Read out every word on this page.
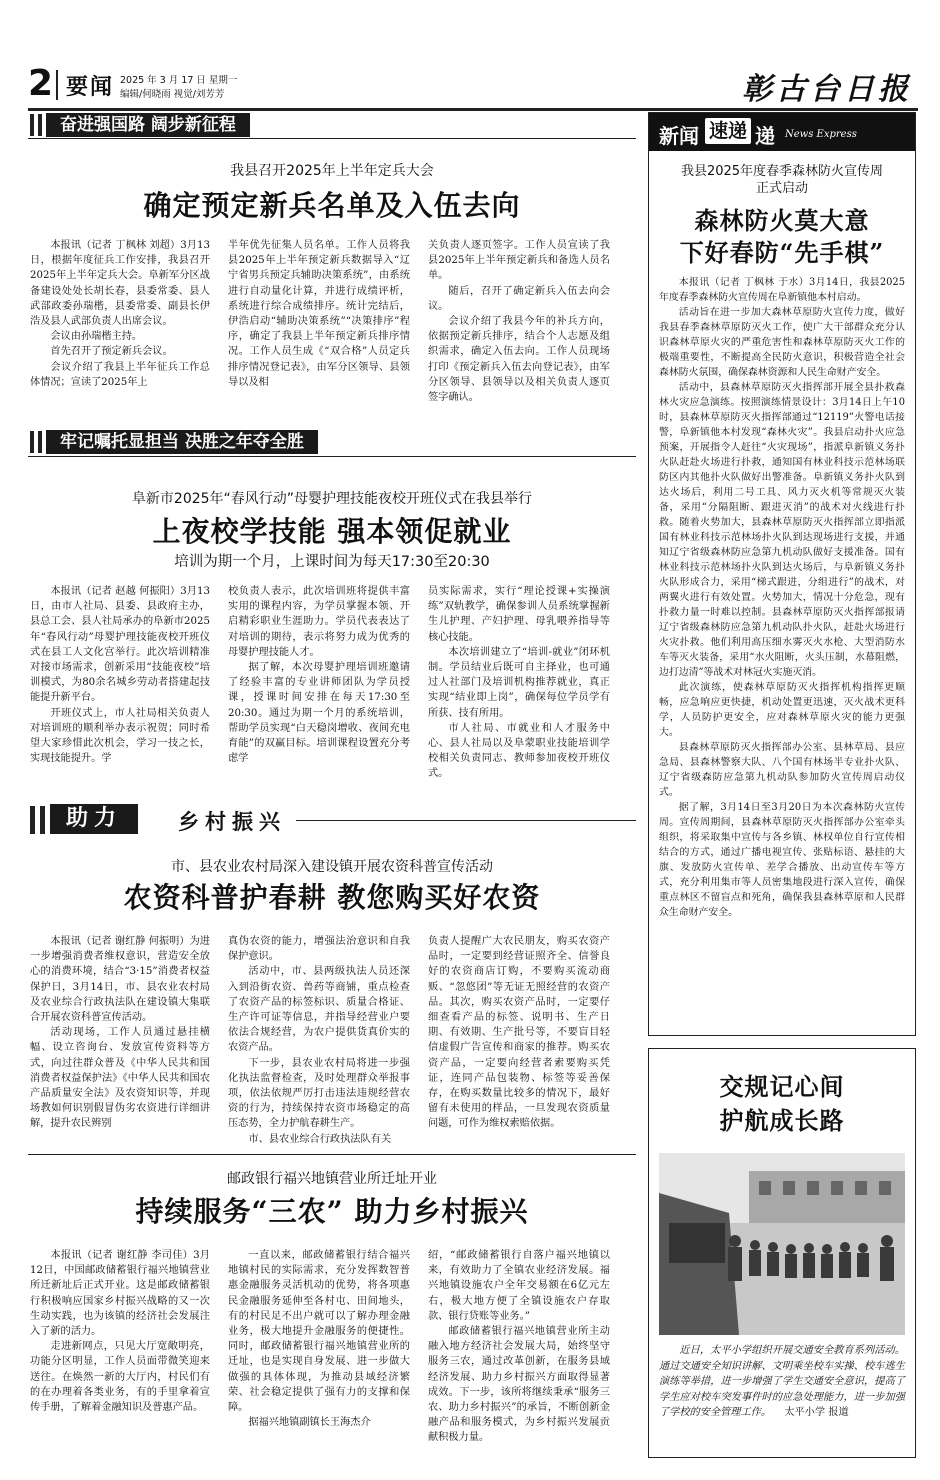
2 要闻 2025 年 3 月 17 日 星期一
编辑/何晓雨 视觉/刘芳芳	彰古台日报
奋进强国路 阔步新征程
我县召开2025年上半年定兵大会
确定预定新兵名单及入伍去向

本报讯（记者 丁枫林 刘超）3月13日，根据年度征兵工作安排，我县召开2025年上半年定兵大会。阜新军分区战备建设处处长胡长春，县委常委、县人武部政委孙瑞楷，县委常委、副县长伊浩及县人武部负责人出席会议。

会议由孙瑞楷主持。

首先召开了预定新兵会议。

会议介绍了我县上半年征兵工作总体情况；宣读了2025年上

半年优先征集人员名单。工作人员将我县2025年上半年预定新兵数据导入“辽宁省男兵预定兵辅助决策系统”，由系统进行自动量化计算，并进行成绩评析，系统进行综合成绩排序。统计完结后，伊浩启动“辅助决策系统”“决策排序”程序，确定了我县上半年预定新兵排序情况。工作人员生成《“双合格”人员定兵排序情况登记表》，由军分区领导、县领导以及相

关负责人逐页签字。工作人员宣读了我县2025年上半年预定新兵和备选人员名单。

随后，召开了确定新兵入伍去向会议。

会议介绍了我县今年的补兵方向，依据预定新兵排序，结合个人志愿及组织需求，确定入伍去向。工作人员现场打印《预定新兵入伍去向登记表》，由军分区领导、县领导以及相关负责人逐页签字确认。

牢记嘱托显担当 决胜之年夺全胜
阜新市2025年“春风行动”母婴护理技能夜校开班仪式在我县举行
上夜校学技能 强本领促就业
培训为期一个月，上课时间为每天17:30至20:30

本报讯（记者 赵越 何振阳）3月13日，由市人社局、县委、县政府主办，县总工会、县人社局承办的阜新市2025年“春风行动”母婴护理技能夜校开班仪式在县工人文化宫举行。此次培训精准对接市场需求，创新采用“技能夜校”培训模式，为80余名城乡劳动者搭建起技能提升新平台。

开班仪式上，市人社局相关负责人对培训班的顺利举办表示祝贺；同时希望大家珍惜此次机会，学习一技之长，实现技能提升。学

校负责人表示，此次培训班将提供丰富实用的课程内容，为学员掌握本领、开启精彩职业生涯助力。学员代表表达了对培训的期待，表示将努力成为优秀的母婴护理技能人才。

据了解，本次母婴护理培训班邀请了经验丰富的专业讲师团队为学员授课，授课时间安排在每天17:30至20:30。通过为期一个月的系统培训，帮助学员实现“白天稳岗增收、夜间充电育能”的双赢目标。培训课程设置充分考虑学

员实际需求，实行“理论授课+实操演练”双轨教学，确保参训人员系统掌握新生儿护理、产妇护理、母乳喂养指导等核心技能。

本次培训建立了“培训-就业”闭环机制。学员结业后既可自主择业，也可通过人社部门及培训机构推荐就业，真正实现“结业即上岗”，确保每位学员学有所获、技有所用。

市人社局、市就业和人才服务中心、县人社局以及阜蒙职业技能培训学校相关负责同志、教师参加夜校开班仪式。

助力	乡村振兴
市、县农业农村局深入建设镇开展农资科普宣传活动
农资科普护春耕 教您购买好农资

本报讯（记者 谢红静 何振明）为进一步增强消费者维权意识，营造安全放心的消费环境，结合“3·15”消费者权益保护日，3月14日，市、县农业农村局及农业综合行政执法队在建设镇大集联合开展农资科普宣传活动。

活动现场，工作人员通过悬挂横幅、设立咨询台、发放宣传资料等方式，向过往群众普及《中华人民共和国消费者权益保护法》《中华人民共和国农产品质量安全法》及农资知识等，并现场教如何识别假冒伪劣农资进行详细讲解，提升农民辨别

真伪农资的能力，增强法治意识和自我保护意识。

活动中，市、县两级执法人员还深入到沿街农资、兽药等商铺，重点检查了农资产品的标签标识、质量合格证、生产许可证等信息，并指导经营业户要依法合规经营，为农户提供货真价实的农资产品。

下一步，县农业农村局将进一步强化执法监督检查，及时处理群众举报事项，依法依规严厉打击违法违规经营农资的行为，持续保持农资市场稳定的高压态势，全力护航春耕生产。

市、县农业综合行政执法队有关

负责人提醒广大农民朋友，购买农资产品时，一定要到经营证照齐全、信誉良好的农资商店订购，不要购买流动商贩、“忽悠团”等无证无照经营的农资产品。其次，购买农资产品时，一定要仔细查看产品的标签、说明书、生产日期、有效期、生产批号等，不要盲目轻信虚假广告宣传和商家的推荐。购买农资产品，一定要向经营者索要购买凭证，连同产品包装物、标签等妥善保存，在购买数量比较多的情况下，最好留有未使用的样品，一旦发现农资质量问题，可作为维权索赔依据。

邮政银行福兴地镇营业所迁址开业
持续服务“三农” 助力乡村振兴

本报讯（记者 谢红静 李司佳）3月12日，中国邮政储蓄银行福兴地镇营业所迁新址后正式开业。这是邮政储蓄银行积极响应国家乡村振兴战略的又一次生动实践，也为该镇的经济社会发展注入了新的活力。

走进新网点，只见大厅宽敞明亮，功能分区明显，工作人员面带微笑迎来送往。在焕然一新的大厅内，村民们有的在办理着各类业务，有的手里拿着宣传手册，了解着金融知识及普惠产品。

一直以来，邮政储蓄银行结合福兴地镇村民的实际需求，充分发挥数智普惠金融服务灵活机动的优势，将各项惠民金融服务延伸至各村屯、田间地头，有的村民足不出户就可以了解办理金融业务，极大地提升金融服务的便捷性。同时，邮政储蓄银行福兴地镇营业所的迁址，也是实现自身发展、进一步做大做强的具体体现，为推动县域经济繁荣、社会稳定提供了强有力的支撑和保障。

据福兴地镇副镇长王海杰介

绍，“邮政储蓄银行自落户福兴地镇以来，有效助力了全镇农业经济发展。福兴地镇设施农户全年交易额在6亿元左右，极大地方便了全镇设施农户存取款、银行贷账等业务。”

邮政储蓄银行福兴地镇营业所主动融入地方经济社会发展大局，始终坚守服务三农，通过改革创新，在服务县域经济发展、助力乡村振兴方面取得显著成效。下一步，该所将继续秉承“服务三农、助力乡村振兴”的承旨，不断创新金融产品和服务模式，为乡村振兴发展贡献积极力量。

新闻 速递 递 News Express
我县2025年度春季森林防火宣传周正式启动
森林防火莫大意
下好春防“先手棋”

本报讯（记者 丁枫林 于水）3月14日，我县2025年度春季森林防火宣传周在阜新镇他本村启动。

活动旨在进一步加大森林草原防火宣传力度，做好我县春季森林草原防灭火工作，使广大干部群众充分认识森林草原火灾的严重危害性和森林草原防灭火工作的极端重要性，不断提高全民防火意识，积极营造全社会森林防火氛围，确保森林资源和人民生命财产安全。

活动中，县森林草原防灭火指挥部开展全县扑救森林火灾应急演练。按照演练情景设计：3月14日上午10时，县森林草原防灭火指挥部通过“12119”火警电话接警，阜新镇他本村发现“森林火灾”。我县启动扑火应急预案，开展指令人赶往“火灾现场”，指派阜新镇义务扑火队赶赴火场进行扑救，通知国有林业科技示范林场联防区内其他扑火队做好出警准备。阜新镇义务扑火队到达火场后，利用二号工具、风力灭火机等常规灭火装备，采用“分隔阻断、跟进灭消”的战术对火线进行扑救。随着火势加大，县森林草原防灭火指挥部立即指派国有林业科技示范林场扑火队到达现场进行支援，并通知辽宁省级森林防应急第九机动队做好支援准备。国有林业科技示范林场扑火队到达火场后，与阜新镇义务扑火队形成合力，采用“梯式跟进，分组进行”的战术，对两翼火进行有效处置。火势加大，情况十分危急，现有扑救力量一时难以控制。县森林草原防灭火指挥部报请辽宁省级森林防应急第九机动队扑火队，赶赴火场进行火灾扑救。他们利用高压细水雾灭火水枪、大型消防水车等灭火装备，采用“水火阻断，火头压制，水幕阻燃，边打边清”等战术对林冠火实施灭消。

此次演练，使森林草原防灭火指挥机构指挥更顺畅，应急响应更快捷，机动处置更迅速，灭火战术更科学，人员防护更安全，应对森林草原火灾的能力更强大。

县森林草原防灭火指挥部办公室、县林草局、县应急局、县森林警察大队、八个国有林场半专业扑火队、辽宁省级森防应急第九机动队参加防火宣传周启动仪式。

据了解，3月14日至3月20日为本次森林防火宣传周。宣传周期间，县森林草原防灭火指挥部办公室牵头组织，将采取集中宣传与各乡镇、林权单位自行宣传相结合的方式，通过广播电视宣传、张贴标语、悬挂的大旗、发放防火宣传单、差学合播放、出动宣传车等方式，充分利用集市等人员密集地段进行深入宣传，确保重点林区不留盲点和死角，确保我县森林草原和人民群众生命财产安全。

交规记心间
护航成长路
近日，太平小学组织开展交通安全教育系列活动。通过交通安全知识讲解、文明乘坐校车实操、校车逃生演练等举措，进一步增强了学生交通安全意识，提高了学生应对校车突发事件时的应急处理能力，进一步加强了学校的安全管理工作。 太平小学 报道
